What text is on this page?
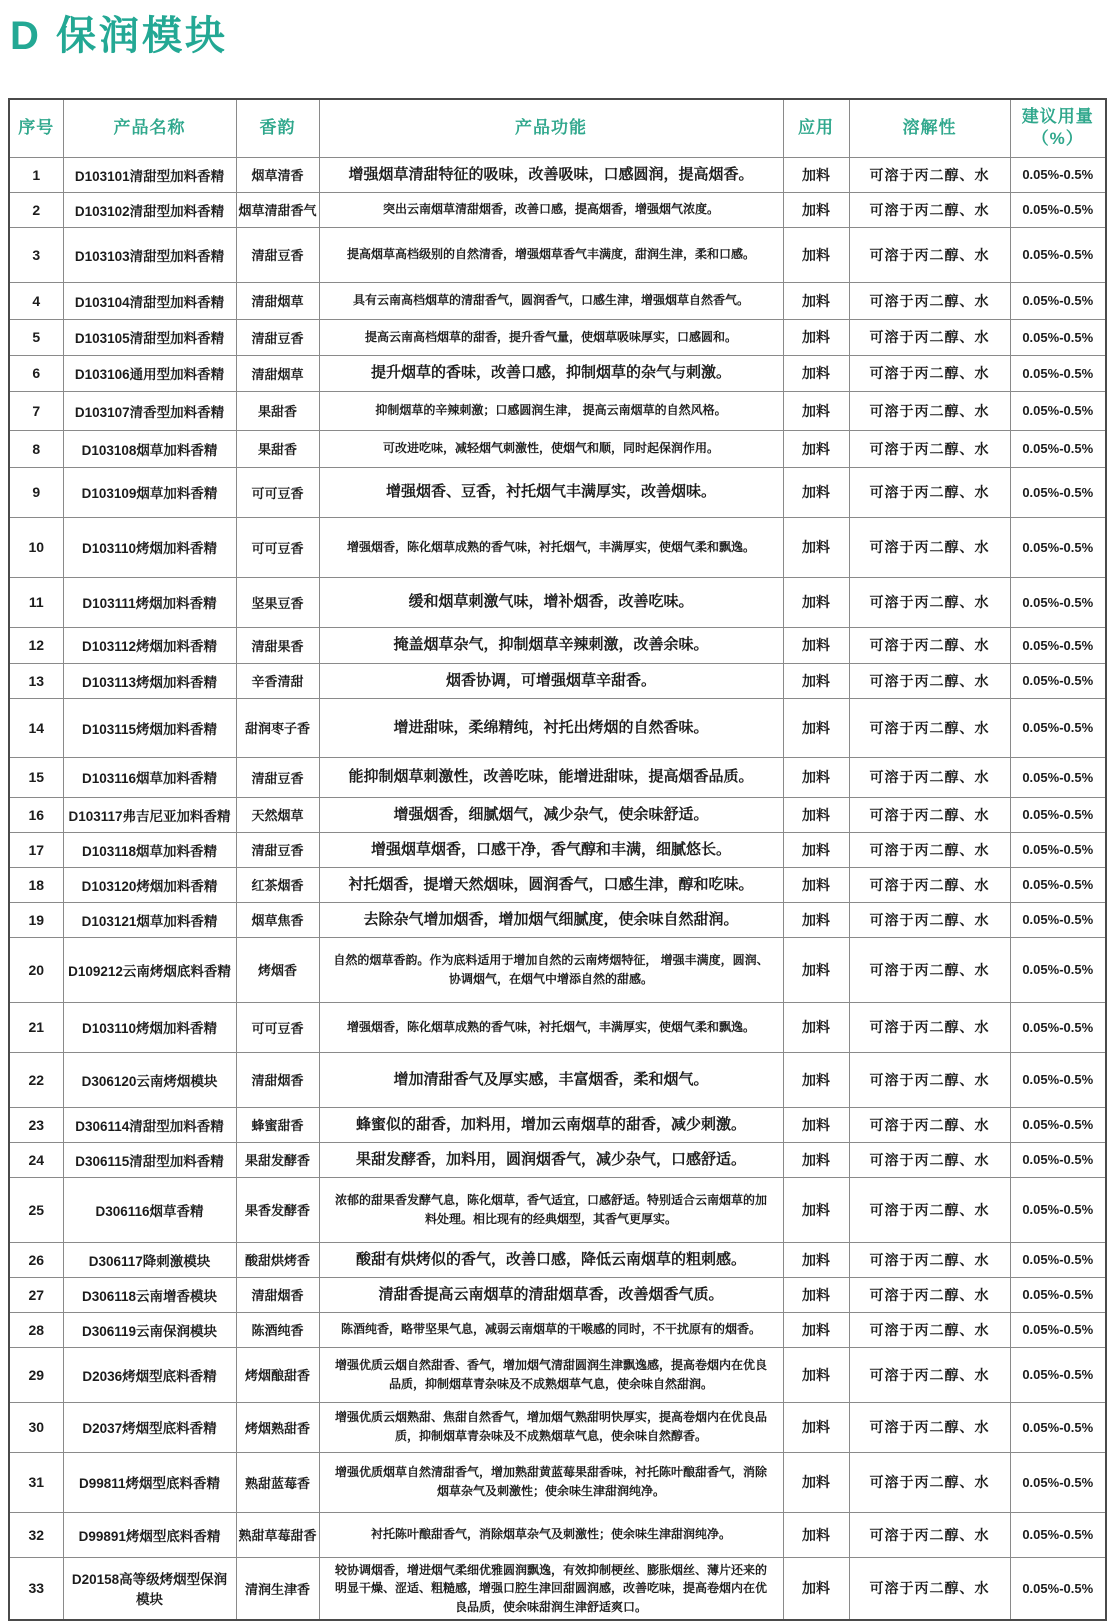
D 保润模块
序号	产品名称	香韵	产品功能	应用	溶解性	建议用量（%）
1	D103101清甜型加料香精	烟草清香	增强烟草清甜特征的吸味，改善吸味，口感圆润，提高烟香。	加料	可溶于丙二醇、水	0.05%-0.5%
2	D103102清甜型加料香精	烟草清甜香气	突出云南烟草清甜烟香，改善口感，提高烟香，增强烟气浓度。	加料	可溶于丙二醇、水	0.05%-0.5%
3	D103103清甜型加料香精	清甜豆香	提高烟草高档级别的自然清香，增强烟草香气丰满度，甜润生津，柔和口感。	加料	可溶于丙二醇、水	0.05%-0.5%
4	D103104清甜型加料香精	清甜烟草	具有云南高档烟草的清甜香气，圆润香气，口感生津，增强烟草自然香气。	加料	可溶于丙二醇、水	0.05%-0.5%
5	D103105清甜型加料香精	清甜豆香	提高云南高档烟草的甜香，提升香气量，使烟草吸味厚实，口感圆和。	加料	可溶于丙二醇、水	0.05%-0.5%
6	D103106通用型加料香精	清甜烟草	提升烟草的香味，改善口感，抑制烟草的杂气与刺激。	加料	可溶于丙二醇、水	0.05%-0.5%
7	D103107清香型加料香精	果甜香	抑制烟草的辛辣刺激；口感圆润生津， 提高云南烟草的自然风格。	加料	可溶于丙二醇、水	0.05%-0.5%
8	D103108烟草加料香精	果甜香	可改进吃味，减轻烟气刺激性，使烟气和顺，同时起保润作用。	加料	可溶于丙二醇、水	0.05%-0.5%
9	D103109烟草加料香精	可可豆香	增强烟香、豆香，衬托烟气丰满厚实，改善烟味。	加料	可溶于丙二醇、水	0.05%-0.5%
10	D103110烤烟加料香精	可可豆香	增强烟香，陈化烟草成熟的香气味，衬托烟气，丰满厚实，使烟气柔和飘逸。	加料	可溶于丙二醇、水	0.05%-0.5%
11	D103111烤烟加料香精	坚果豆香	缓和烟草刺激气味，增补烟香，改善吃味。	加料	可溶于丙二醇、水	0.05%-0.5%
12	D103112烤烟加料香精	清甜果香	掩盖烟草杂气，抑制烟草辛辣刺激，改善余味。	加料	可溶于丙二醇、水	0.05%-0.5%
13	D103113烤烟加料香精	辛香清甜	烟香协调，可增强烟草辛甜香。	加料	可溶于丙二醇、水	0.05%-0.5%
14	D103115烤烟加料香精	甜润枣子香	增进甜味，柔绵精纯，衬托出烤烟的自然香味。	加料	可溶于丙二醇、水	0.05%-0.5%
15	D103116烟草加料香精	清甜豆香	能抑制烟草刺激性，改善吃味，能增进甜味，提高烟香品质。	加料	可溶于丙二醇、水	0.05%-0.5%
16	D103117弗吉尼亚加料香精	天然烟草	增强烟香，细腻烟气，减少杂气，使余味舒适。	加料	可溶于丙二醇、水	0.05%-0.5%
17	D103118烟草加料香精	清甜豆香	增强烟草烟香，口感干净，香气醇和丰满，细腻悠长。	加料	可溶于丙二醇、水	0.05%-0.5%
18	D103120烤烟加料香精	红茶烟香	衬托烟香，提增天然烟味，圆润香气，口感生津，醇和吃味。	加料	可溶于丙二醇、水	0.05%-0.5%
19	D103121烟草加料香精	烟草焦香	去除杂气增加烟香，增加烟气细腻度，使余味自然甜润。	加料	可溶于丙二醇、水	0.05%-0.5%
20	D109212云南烤烟底料香精	烤烟香	自然的烟草香韵。作为底料适用于增加自然的云南烤烟特征， 增强丰满度，圆润、协调烟气，在烟气中增添自然的甜感。	加料	可溶于丙二醇、水	0.05%-0.5%
21	D103110烤烟加料香精	可可豆香	增强烟香，陈化烟草成熟的香气味，衬托烟气，丰满厚实，使烟气柔和飘逸。	加料	可溶于丙二醇、水	0.05%-0.5%
22	D306120云南烤烟模块	清甜烟香	增加清甜香气及厚实感，丰富烟香，柔和烟气。	加料	可溶于丙二醇、水	0.05%-0.5%
23	D306114清甜型加料香精	蜂蜜甜香	蜂蜜似的甜香，加料用，增加云南烟草的甜香，减少刺激。	加料	可溶于丙二醇、水	0.05%-0.5%
24	D306115清甜型加料香精	果甜发酵香	果甜发酵香，加料用，圆润烟香气，减少杂气，口感舒适。	加料	可溶于丙二醇、水	0.05%-0.5%
25	D306116烟草香精	果香发酵香	浓郁的甜果香发酵气息，陈化烟草，香气适宜，口感舒适。特别适合云南烟草的加料处理。相比现有的经典烟型，其香气更厚实。	加料	可溶于丙二醇、水	0.05%-0.5%
26	D306117降刺激模块	酸甜烘烤香	酸甜有烘烤似的香气，改善口感，降低云南烟草的粗刺感。	加料	可溶于丙二醇、水	0.05%-0.5%
27	D306118云南增香模块	清甜烟香	清甜香提高云南烟草的清甜烟草香，改善烟香气质。	加料	可溶于丙二醇、水	0.05%-0.5%
28	D306119云南保润模块	陈酒纯香	陈酒纯香，略带坚果气息，减弱云南烟草的干喉感的同时，不干扰原有的烟香。	加料	可溶于丙二醇、水	0.05%-0.5%
29	D2036烤烟型底料香精	烤烟酿甜香	增强优质云烟自然甜香、香气，增加烟气清甜圆润生津飘逸感，提高卷烟内在优良品质，抑制烟草青杂味及不成熟烟草气息，使余味自然甜润。	加料	可溶于丙二醇、水	0.05%-0.5%
30	D2037烤烟型底料香精	烤烟熟甜香	增强优质云烟熟甜、焦甜自然香气，增加烟气熟甜明快厚实，提高卷烟内在优良品质，抑制烟草青杂味及不成熟烟草气息，使余味自然醇香。	加料	可溶于丙二醇、水	0.05%-0.5%
31	D99811烤烟型底料香精	熟甜蓝莓香	增强优质烟草自然清甜香气，增加熟甜黄蓝莓果甜香味，衬托陈叶酿甜香气，消除烟草杂气及刺激性；使余味生津甜润纯净。	加料	可溶于丙二醇、水	0.05%-0.5%
32	D99891烤烟型底料香精	熟甜草莓甜香	衬托陈叶酿甜香气，消除烟草杂气及刺激性；使余味生津甜润纯净。	加料	可溶于丙二醇、水	0.05%-0.5%
33	D20158高等级烤烟型保润模块	清润生津香	较协调烟香，增进烟气柔细优雅圆润飘逸，有效抑制梗丝、膨胀烟丝、薄片还来的明显干燥、涩适、粗糙感，增强口腔生津回甜圆润感，改善吃味，提高卷烟内在优良品质，使余味甜润生津舒适爽口。	加料	可溶于丙二醇、水	0.05%-0.5%
